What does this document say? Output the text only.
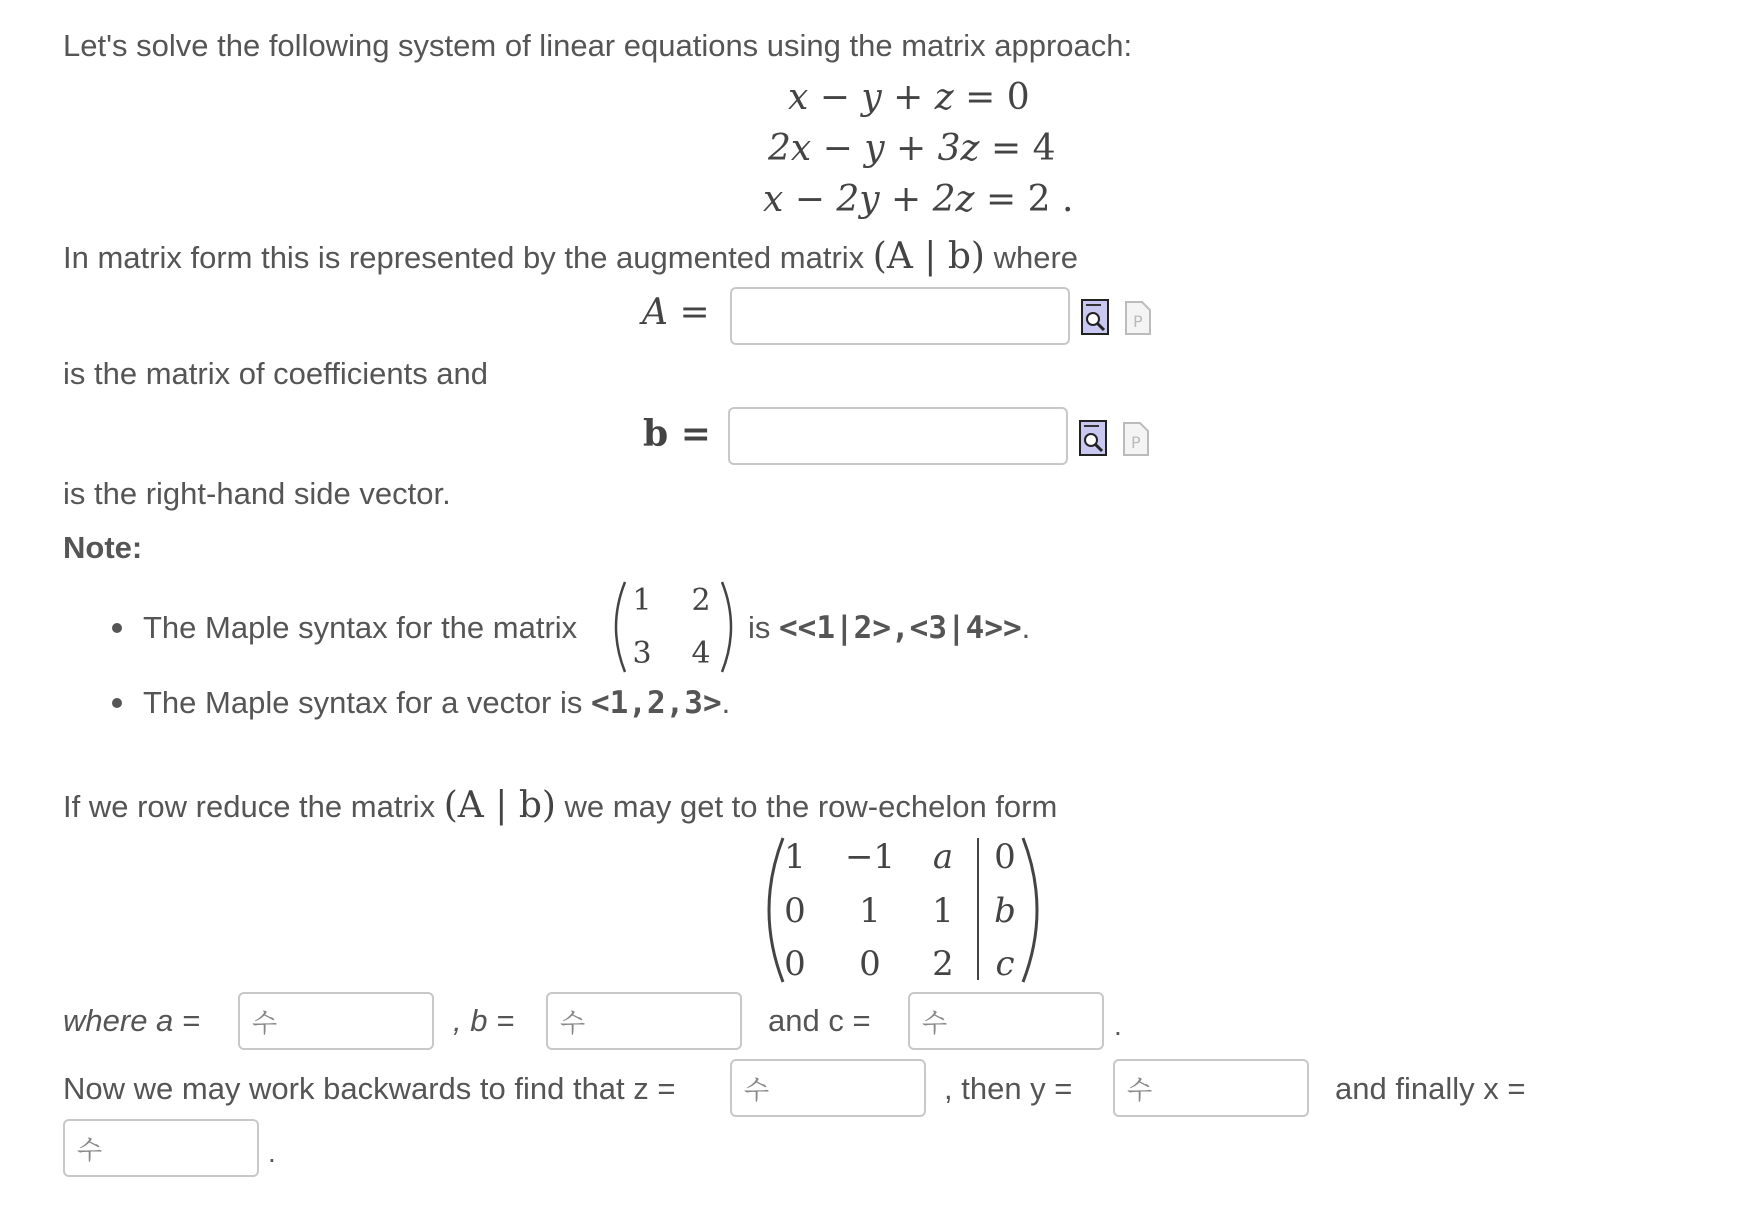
Let's solve the following system of linear equations using the matrix approach:
x − y + z = 0
2x − y + 3z = 4
x − 2y + 2z = 2 .
In matrix form this is represented by the augmented matrix (A | b) where
A =	P
is the matrix of coefficients and
b =	P
is the right-hand side vector.
Note:
The Maple syntax for the matrix
1	2
3	4
is <<1|2>,<3|4>>.
The Maple syntax for a vector is <1,2,3>.
If we row reduce the matrix (A | b) we may get to the row-echelon form
1	−1	a	0
0	1	1	b
0	0	2	c
where a = 수	, b = 수	and c = 수	.
Now we may work backwards to find that z =	수	, then y = 수	and finally x =
수	.
